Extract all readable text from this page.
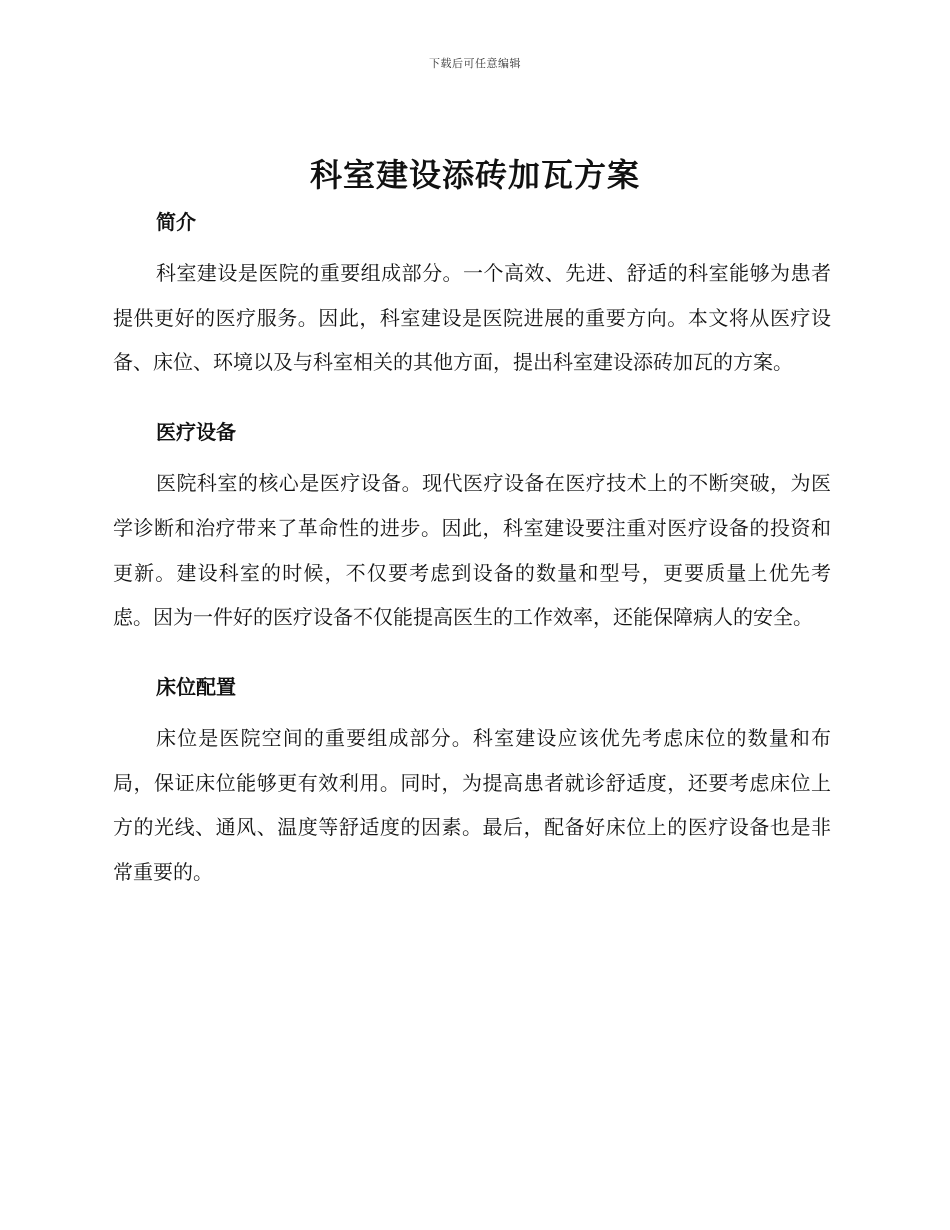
下载后可任意编辑
科室建设添砖加瓦方案
简介

科室建设是医院的重要组成部分。一个高效、先进、舒适的科室能够为患者提供更好的医疗服务。因此，科室建设是医院进展的重要方向。本文将从医疗设备、床位、环境以及与科室相关的其他方面，提出科室建设添砖加瓦的方案。

医疗设备

医院科室的核心是医疗设备。现代医疗设备在医疗技术上的不断突破，为医学诊断和治疗带来了革命性的进步。因此，科室建设要注重对医疗设备的投资和更新。建设科室的时候，不仅要考虑到设备的数量和型号，更要质量上优先考虑。因为一件好的医疗设备不仅能提高医生的工作效率，还能保障病人的安全。

床位配置

床位是医院空间的重要组成部分。科室建设应该优先考虑床位的数量和布局，保证床位能够更有效利用。同时，为提高患者就诊舒适度，还要考虑床位上方的光线、通风、温度等舒适度的因素。最后，配备好床位上的医疗设备也是非常重要的。
